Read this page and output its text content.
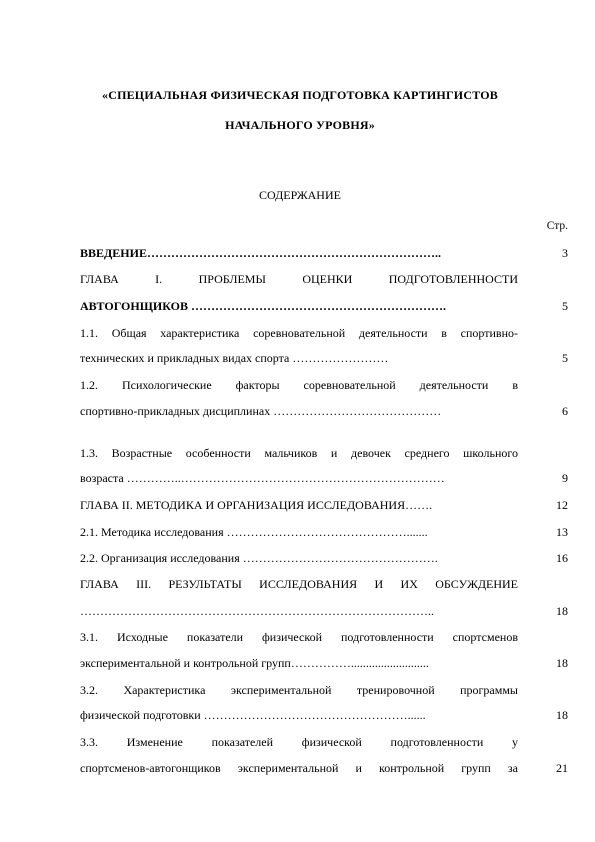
«СПЕЦИАЛЬНАЯ ФИЗИЧЕСКАЯ ПОДГОТОВКА КАРТИНГИСТОВ
НАЧАЛЬНОГО УРОВНЯ»
СОДЕРЖАНИЕ
Стр.
ВВЕДЕНИЕ………………………………………………………………..	3
ГЛАВА I. ПРОБЛЕМЫ ОЦЕНКИ ПОДГОТОВЛЕННОСТИ
АВТОГОНЩИКОВ ……………………………………………………….	5
1.1. Общая характеристика соревновательной деятельности в спортивно-
технических и прикладных видах спорта ……………………	5
1.2. Психологические факторы соревновательной деятельности в
спортивно-прикладных дисциплинах ……………………………………	6
1.3. Возрастные особенности мальчиков и девочек среднего школьного
возраста …………..…………………………………………………………	9
ГЛАВА II. МЕТОДИКА И ОРГАНИЗАЦИЯ ИССЛЕДОВАНИЯ…….	12
2.1. Методика исследования ……………………………………….......	13
2.2. Организация исследования ………………………………………….	16
ГЛАВА III. РЕЗУЛЬТАТЫ ИССЛЕДОВАНИЯ И ИХ ОБСУЖДЕНИЕ
……………………………………………………………………………..	18
3.1. Исходные показатели физической подготовленности спортсменов
экспериментальной и контрольной групп……………..........................	18
3.2. Характеристика экспериментальной тренировочной программы
физической подготовки ……………………………………………......	18
3.3. Изменение показателей физической подготовленности у
спортсменов-автогонщиков экспериментальной и контрольной групп за	21
